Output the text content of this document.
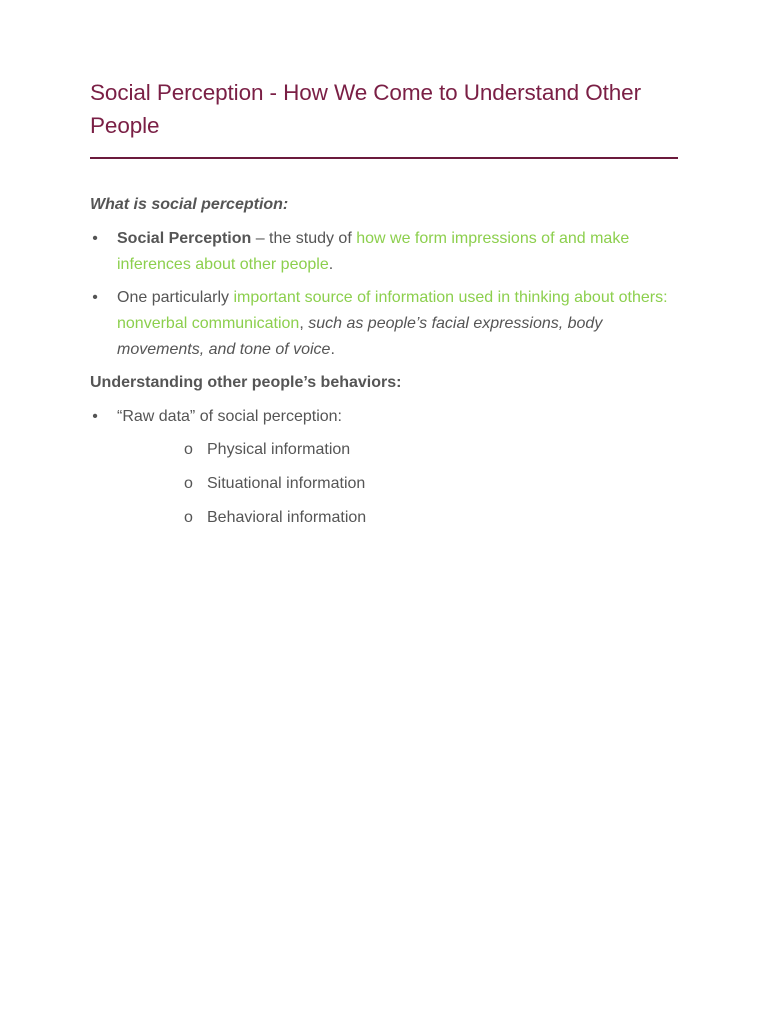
Social Perception - How We Come to Understand Other People

What is social perception:

• Social Perception – the study of how we form impressions of and make inferences about other people.
• One particularly important source of information used in thinking about others: nonverbal communication, such as people’s facial expressions, body movements, and tone of voice.

Understanding other people’s behaviors:

• “Raw data” of social perception:
o Physical information
o Situational information
o Behavioral information
